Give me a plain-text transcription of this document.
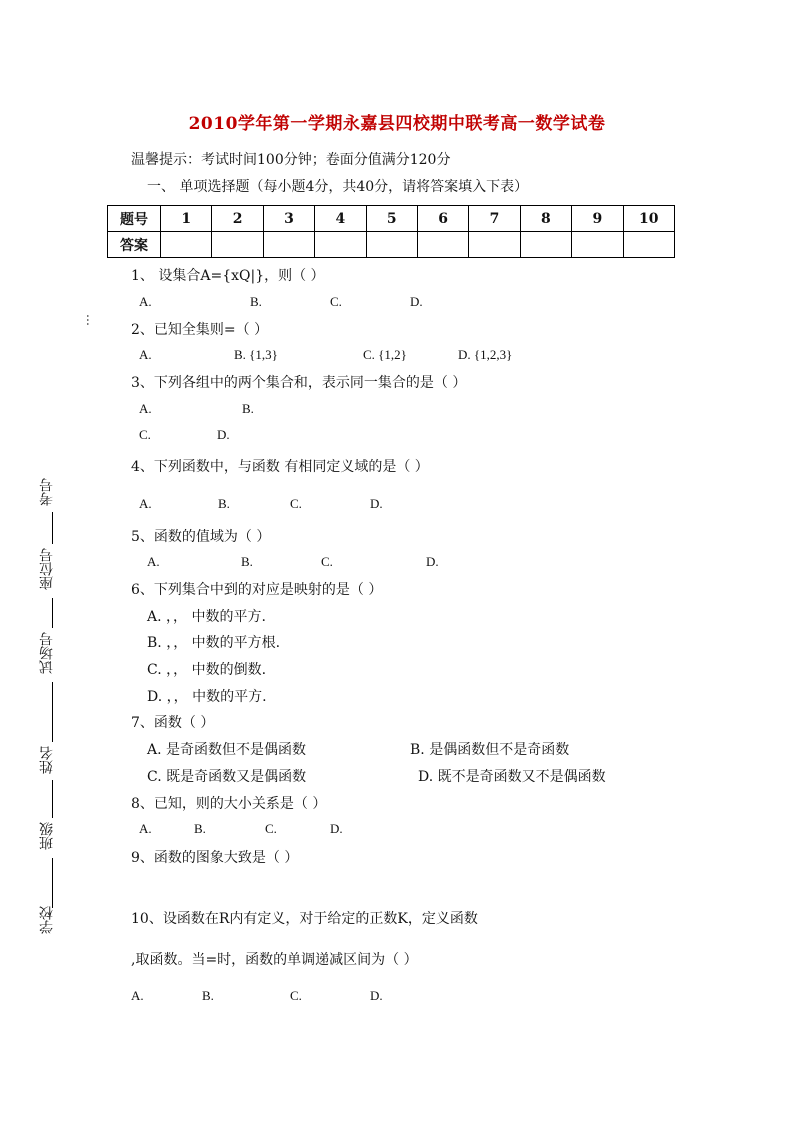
2010学年第一学期永嘉县四校期中联考高一数学试卷
温馨提示：考试时间100分钟；卷面分值满分120分
一、 单项选择题（每小题4分，共40分，请将答案填入下表）
题号	1	2	3	4	5	6	7	8	9	10
答案										
…
考号
座位号
试场号
姓名
班级
学校
1、 设集合A={xQ|}，则（ ）
A.	B.	C.	D.
2、已知全集则=（ ）
A.	B. {1,3}	C. {1,2}	D. {1,2,3}
3、下列各组中的两个集合和，表示同一集合的是（ ）
A.	B.
C.	D.
4、下列函数中，与函数 有相同定义域的是（ ）
A.	B.	C.	D.
5、函数的值域为（ ）
A.	B.	C.	D.
6、下列集合中到的对应是映射的是（ ）
A. ，， 中数的平方.
B. ，， 中数的平方根.
C. ，， 中数的倒数.
D. ，， 中数的平方.
7、函数（ ）
A. 是奇函数但不是偶函数	B. 是偶函数但不是奇函数
C. 既是奇函数又是偶函数	D. 既不是奇函数又不是偶函数
8、已知，则的大小关系是（ ）
A.	B.	C.	D.
9、函数的图象大致是（ ）
10、设函数在R内有定义，对于给定的正数K，定义函数
,取函数。当=时，函数的单调递减区间为（ ）
A.	B.	C.	D.
